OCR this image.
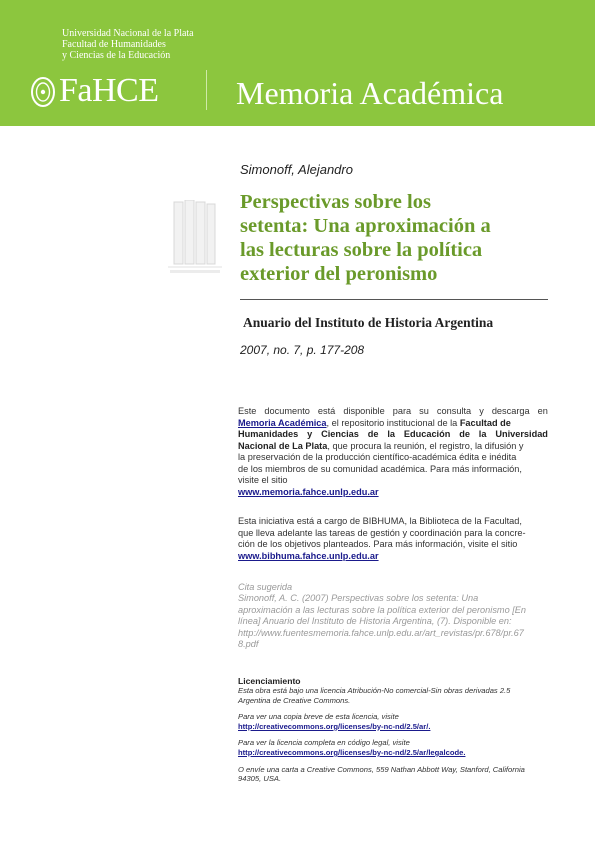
Universidad Nacional de la Plata
Facultad de Humanidades
y Ciencias de la Educación
FaHCE Memoria Académica
Simonoff, Alejandro
Perspectivas sobre los
setenta: Una aproximación a
las lecturas sobre la política
exterior del peronismo
Anuario del Instituto de Historia Argentina
2007, no. 7, p. 177-208
Este documento está disponible para su consulta y descarga en
Memoria Académica, el repositorio institucional de la Facultad de
Humanidades y Ciencias de la Educación de la Universidad
Nacional de La Plata, que procura la reunión, el registro, la difusión y
la preservación de la producción científico-académica édita e inédita
de los miembros de su comunidad académica. Para más información,
visite el sitio
www.memoria.fahce.unlp.edu.ar
Esta iniciativa está a cargo de BIBHUMA, la Biblioteca de la Facultad,
que lleva adelante las tareas de gestión y coordinación para la concre-
ción de los objetivos planteados. Para más información, visite el sitio
www.bibhuma.fahce.unlp.edu.ar
Cita sugerida
Simonoff, A. C. (2007) Perspectivas sobre los setenta: Una
aproximación a las lecturas sobre la política exterior del peronismo [En
línea] Anuario del Instituto de Historia Argentina, (7). Disponible en:
http://www.fuentesmemoria.fahce.unlp.edu.ar/art_revistas/pr.678/pr.67
8.pdf
Licenciamiento
Esta obra está bajo una licencia Atribución-No comercial-Sin obras derivadas 2.5
Argentina de Creative Commons.
Para ver una copia breve de esta licencia, visite
http://creativecommons.org/licenses/by-nc-nd/2.5/ar/.
Para ver la licencia completa en código legal, visite
http://creativecommons.org/licenses/by-nc-nd/2.5/ar/legalcode.
O envíe una carta a Creative Commons, 559 Nathan Abbott Way, Stanford, California
94305, USA.
